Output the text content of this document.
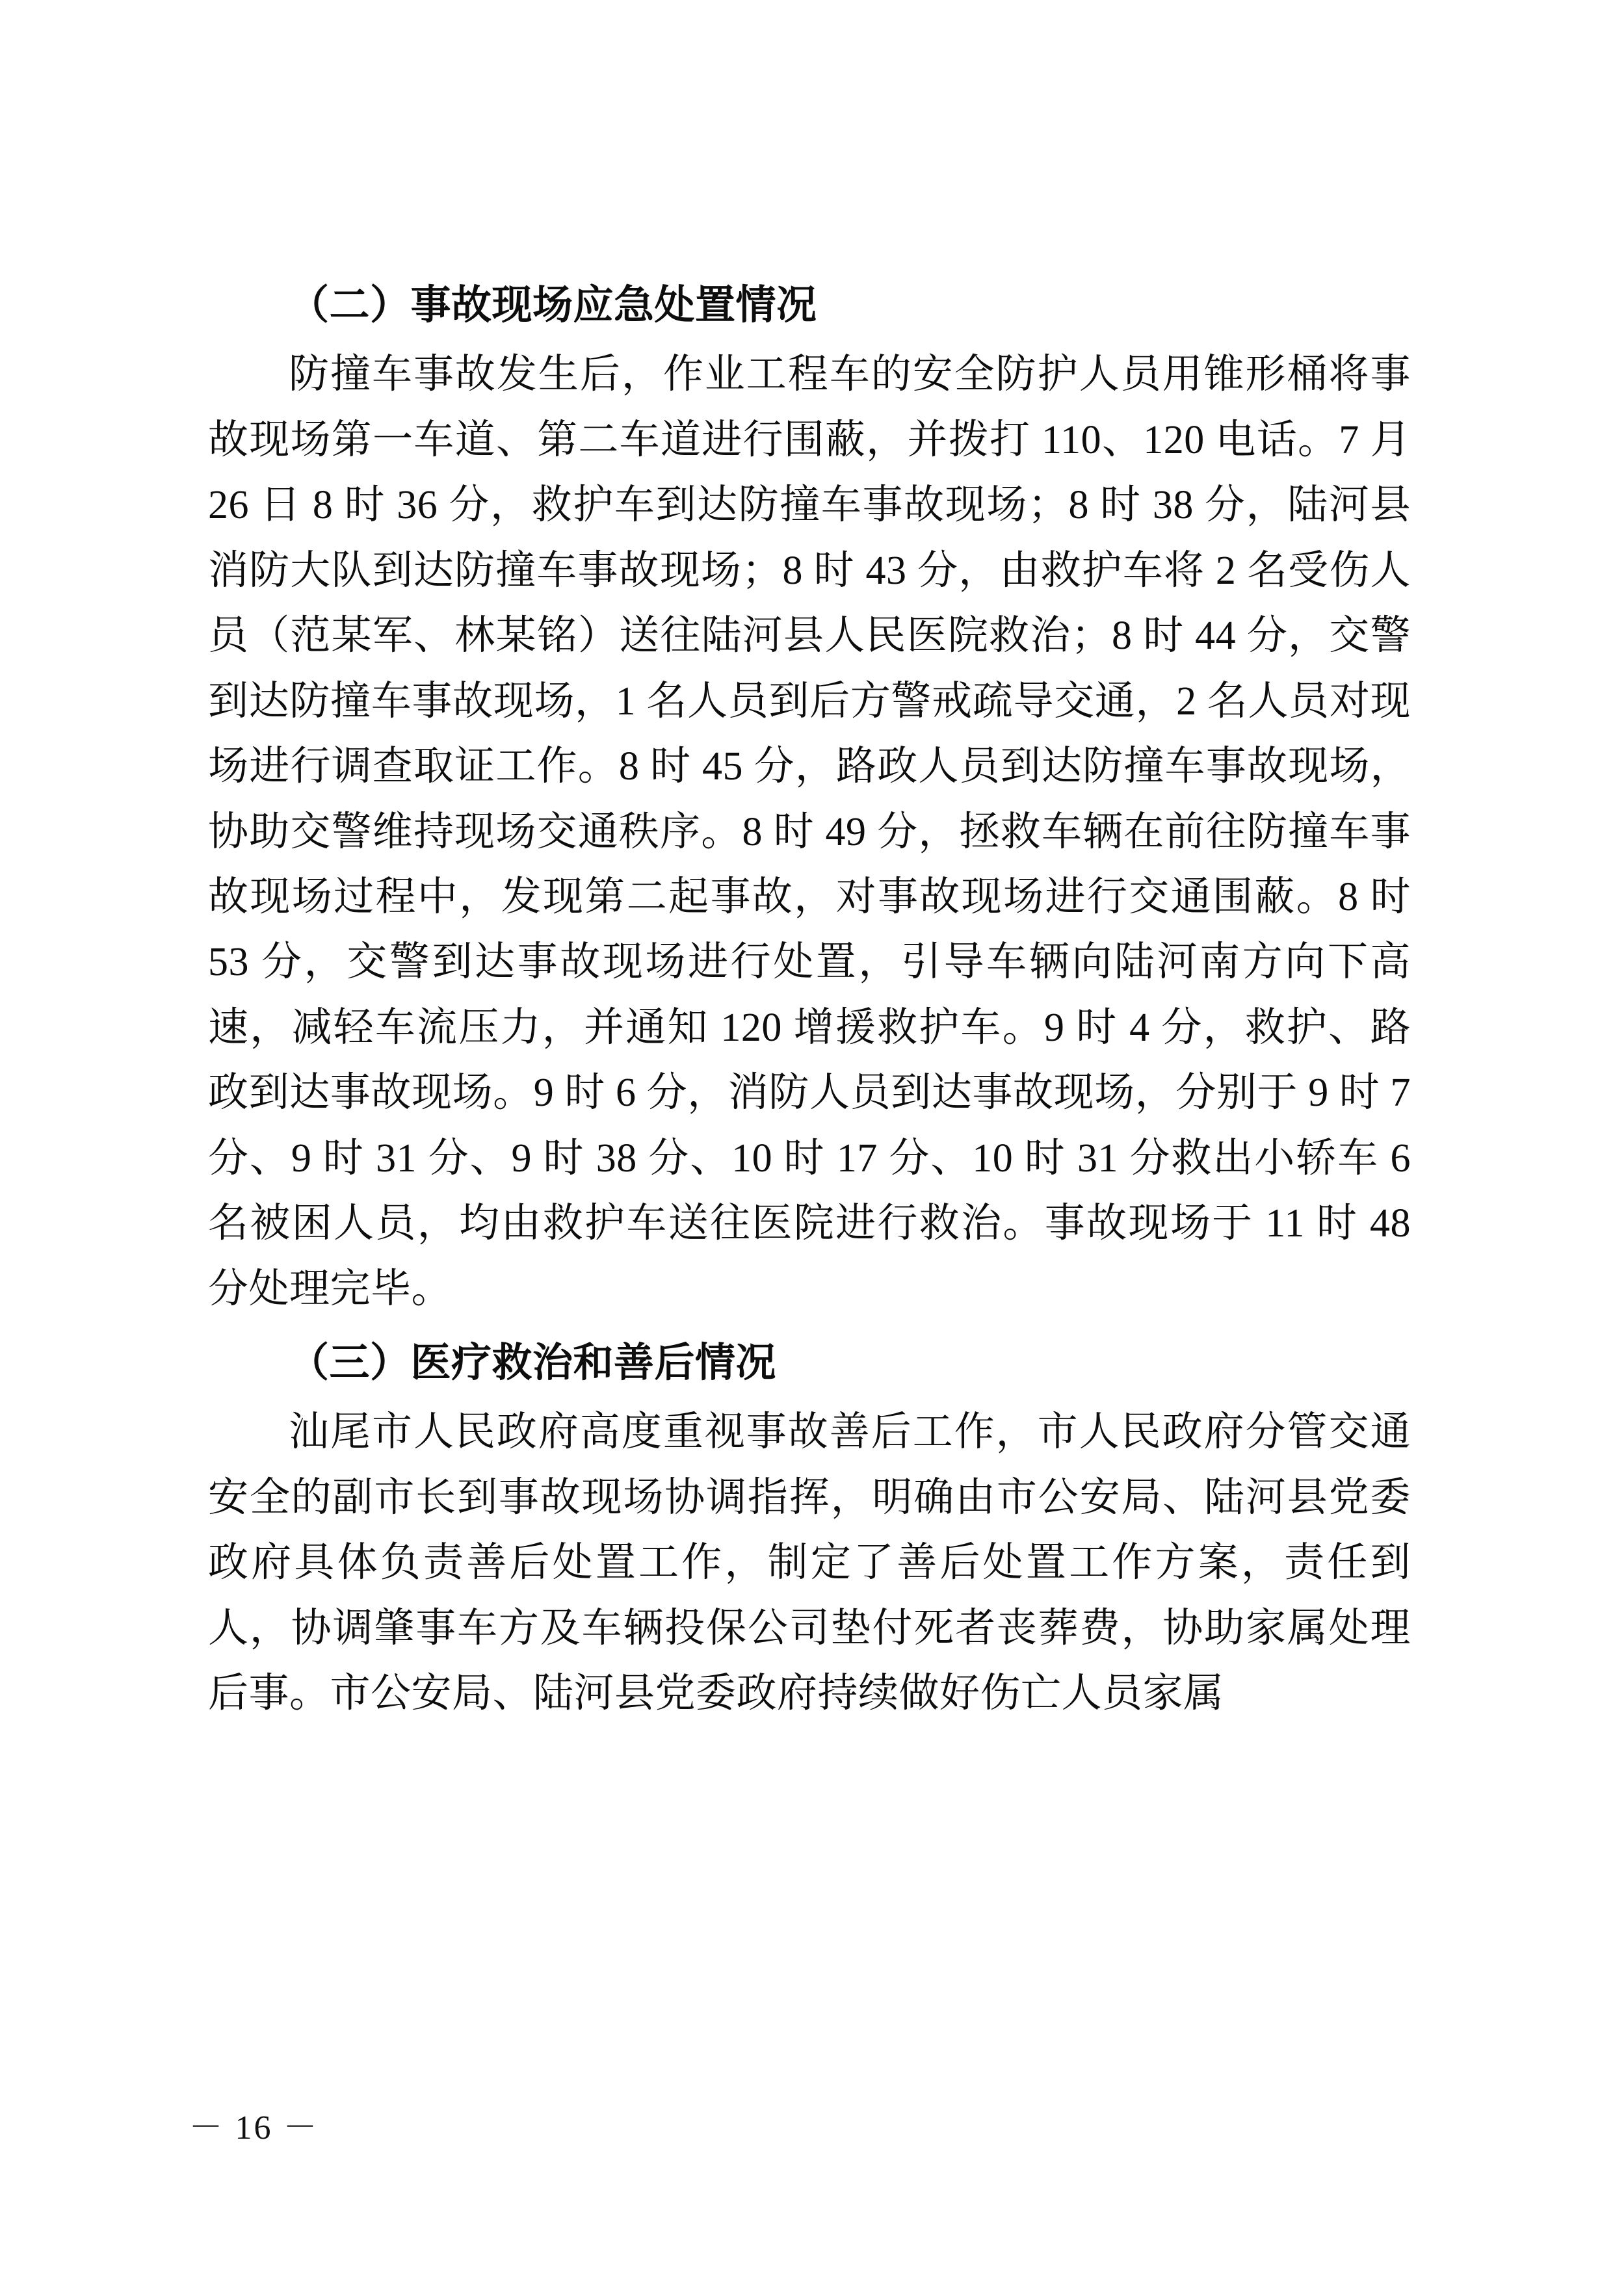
（二）事故现场应急处置情况
防撞车事故发生后，作业工程车的安全防护人员用锥形桶将事故现场第一车道、第二车道进行围蔽，并拨打 110、120 电话。7 月 26 日 8 时 36 分，救护车到达防撞车事故现场；8 时 38 分，陆河县消防大队到达防撞车事故现场；8 时 43 分，由救护车将 2 名受伤人员（范某军、林某铭）送往陆河县人民医院救治；8 时 44 分，交警到达防撞车事故现场，1 名人员到后方警戒疏导交通，2 名人员对现场进行调查取证工作。8 时 45 分，路政人员到达防撞车事故现场，协助交警维持现场交通秩序。8 时 49 分，拯救车辆在前往防撞车事故现场过程中，发现第二起事故，对事故现场进行交通围蔽。8 时 53 分，交警到达事故现场进行处置，引导车辆向陆河南方向下高速，减轻车流压力，并通知 120 增援救护车。9 时 4 分，救护、路政到达事故现场。9 时 6 分，消防人员到达事故现场，分别于 9 时 7 分、9 时 31 分、9 时 38 分、10 时 17 分、10 时 31 分救出小轿车 6 名被困人员，均由救护车送往医院进行救治。事故现场于 11 时 48 分处理完毕。
（三）医疗救治和善后情况
汕尾市人民政府高度重视事故善后工作，市人民政府分管交通安全的副市长到事故现场协调指挥，明确由市公安局、陆河县党委政府具体负责善后处置工作，制定了善后处置工作方案，责任到人，协调肇事车方及车辆投保公司垫付死者丧葬费，协助家属处理后事。市公安局、陆河县党委政府持续做好伤亡人员家属
－ 16 －
